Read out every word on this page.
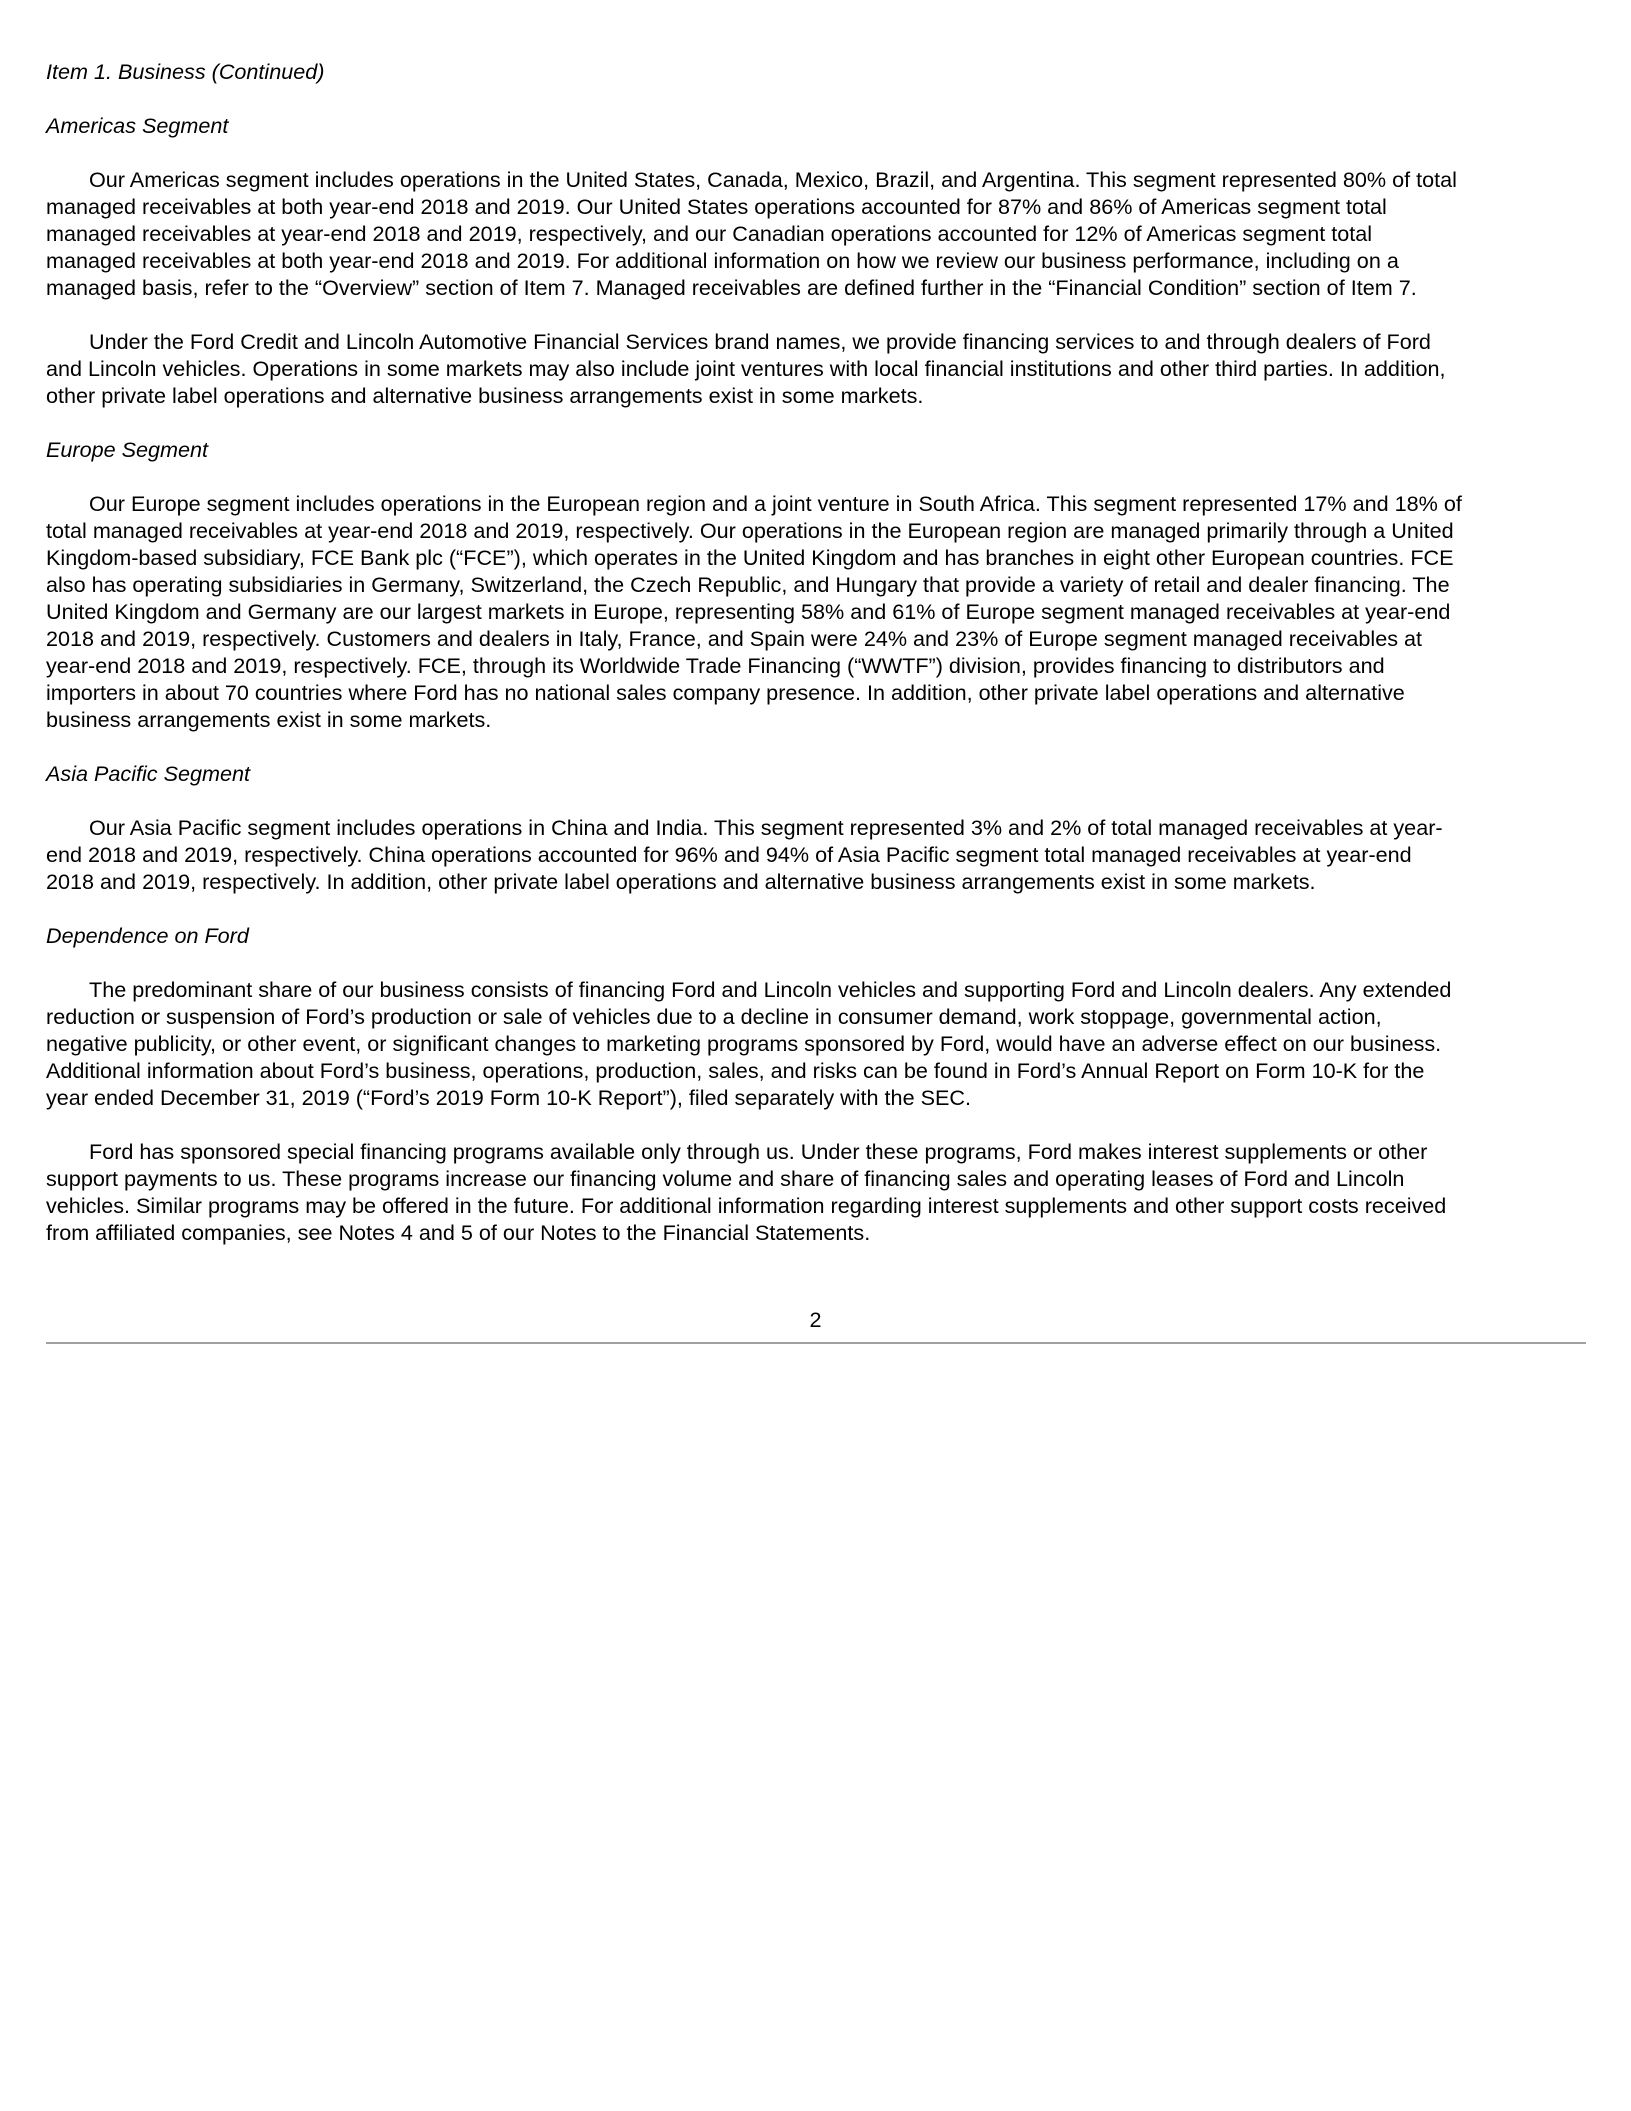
Item 1. Business (Continued)
Americas Segment
Our Americas segment includes operations in the United States, Canada, Mexico, Brazil, and Argentina. This segment represented 80% of total
managed receivables at both year-end 2018 and 2019. Our United States operations accounted for 87% and 86% of Americas segment total
managed receivables at year-end 2018 and 2019, respectively, and our Canadian operations accounted for 12% of Americas segment total
managed receivables at both year-end 2018 and 2019. For additional information on how we review our business performance, including on a
managed basis, refer to the “Overview” section of Item 7. Managed receivables are defined further in the “Financial Condition” section of Item 7.
Under the Ford Credit and Lincoln Automotive Financial Services brand names, we provide financing services to and through dealers of Ford
and Lincoln vehicles. Operations in some markets may also include joint ventures with local financial institutions and other third parties. In addition,
other private label operations and alternative business arrangements exist in some markets.
Europe Segment
Our Europe segment includes operations in the European region and a joint venture in South Africa. This segment represented 17% and 18% of
total managed receivables at year-end 2018 and 2019, respectively. Our operations in the European region are managed primarily through a United
Kingdom-based subsidiary, FCE Bank plc (“FCE”), which operates in the United Kingdom and has branches in eight other European countries. FCE
also has operating subsidiaries in Germany, Switzerland, the Czech Republic, and Hungary that provide a variety of retail and dealer financing. The
United Kingdom and Germany are our largest markets in Europe, representing 58% and 61% of Europe segment managed receivables at year-end
2018 and 2019, respectively. Customers and dealers in Italy, France, and Spain were 24% and 23% of Europe segment managed receivables at
year-end 2018 and 2019, respectively. FCE, through its Worldwide Trade Financing (“WWTF”) division, provides financing to distributors and
importers in about 70 countries where Ford has no national sales company presence. In addition, other private label operations and alternative
business arrangements exist in some markets.
Asia Pacific Segment
Our Asia Pacific segment includes operations in China and India. This segment represented 3% and 2% of total managed receivables at year-
end 2018 and 2019, respectively. China operations accounted for 96% and 94% of Asia Pacific segment total managed receivables at year-end
2018 and 2019, respectively. In addition, other private label operations and alternative business arrangements exist in some markets.
Dependence on Ford
The predominant share of our business consists of financing Ford and Lincoln vehicles and supporting Ford and Lincoln dealers. Any extended
reduction or suspension of Ford’s production or sale of vehicles due to a decline in consumer demand, work stoppage, governmental action,
negative publicity, or other event, or significant changes to marketing programs sponsored by Ford, would have an adverse effect on our business.
Additional information about Ford’s business, operations, production, sales, and risks can be found in Ford’s Annual Report on Form 10-K for the
year ended December 31, 2019 (“Ford’s 2019 Form 10-K Report”), filed separately with the SEC.
Ford has sponsored special financing programs available only through us. Under these programs, Ford makes interest supplements or other
support payments to us. These programs increase our financing volume and share of financing sales and operating leases of Ford and Lincoln
vehicles. Similar programs may be offered in the future. For additional information regarding interest supplements and other support costs received
from affiliated companies, see Notes 4 and 5 of our Notes to the Financial Statements.
2
